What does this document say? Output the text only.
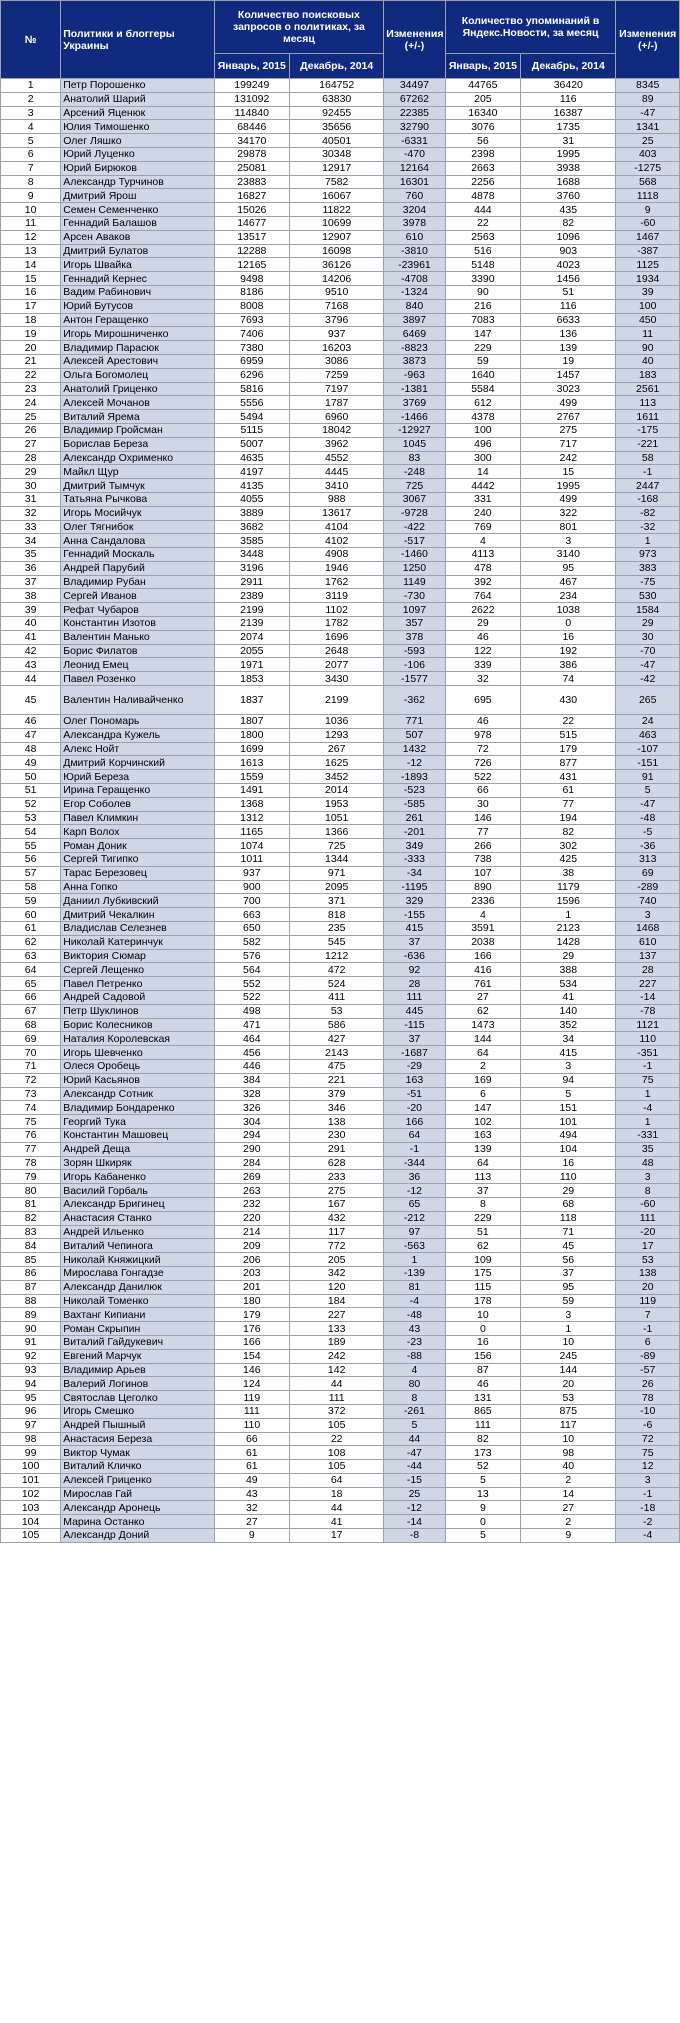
№	Политики и блоггеры Украины	Количество поисковых запросов о политиках, за месяц		Изменения (+/-)	Количество упоминаний в Яндекс.Новости, за месяц		Изменения (+/-)
		Январь, 2015	Декабрь, 2014		Январь, 2015	Декабрь, 2014	
1	Петр Порошенко	199249	164752	34497	44765	36420	8345
2	Анатолий Шарий	131092	63830	67262	205	116	89
3	Арсений Яценюк	114840	92455	22385	16340	16387	-47
4	Юлия Тимошенко	68446	35656	32790	3076	1735	1341
5	Олег Ляшко	34170	40501	-6331	56	31	25
6	Юрий Луценко	29878	30348	-470	2398	1995	403
7	Юрий Бирюков	25081	12917	12164	2663	3938	-1275
8	Александр Турчинов	23883	7582	16301	2256	1688	568
9	Дмитрий Ярош	16827	16067	760	4878	3760	1118
10	Семен Семенченко	15026	11822	3204	444	435	9
11	Геннадий Балашов	14677	10699	3978	22	82	-60
12	Арсен Аваков	13517	12907	610	2563	1096	1467
13	Дмитрий Булатов	12288	16098	-3810	516	903	-387
14	Игорь Швайка	12165	36126	-23961	5148	4023	1125
15	Геннадий Кернес	9498	14206	-4708	3390	1456	1934
16	Вадим Рабинович	8186	9510	-1324	90	51	39
17	Юрий Бутусов	8008	7168	840	216	116	100
18	Антон Геращенко	7693	3796	3897	7083	6633	450
19	Игорь Мирошниченко	7406	937	6469	147	136	11
20	Владимир Парасюк	7380	16203	-8823	229	139	90
21	Алексей Арестович	6959	3086	3873	59	19	40
22	Ольга Богомолец	6296	7259	-963	1640	1457	183
23	Анатолий Гриценко	5816	7197	-1381	5584	3023	2561
24	Алексей Мочанов	5556	1787	3769	612	499	113
25	Виталий Ярема	5494	6960	-1466	4378	2767	1611
26	Владимир Гройсман	5115	18042	-12927	100	275	-175
27	Борислав Береза	5007	3962	1045	496	717	-221
28	Александр Охрименко	4635	4552	83	300	242	58
29	Майкл Щур	4197	4445	-248	14	15	-1
30	Дмитрий Тымчук	4135	3410	725	4442	1995	2447
31	Татьяна Рычкова	4055	988	3067	331	499	-168
32	Игорь Мосийчук	3889	13617	-9728	240	322	-82
33	Олег Тягнибок	3682	4104	-422	769	801	-32
34	Анна Сандалова	3585	4102	-517	4	3	1
35	Геннадий Москаль	3448	4908	-1460	4113	3140	973
36	Андрей Парубий	3196	1946	1250	478	95	383
37	Владимир Рубан	2911	1762	1149	392	467	-75
38	Сергей Иванов	2389	3119	-730	764	234	530
39	Рефат Чубаров	2199	1102	1097	2622	1038	1584
40	Константин Изотов	2139	1782	357	29	0	29
41	Валентин Манько	2074	1696	378	46	16	30
42	Борис Филатов	2055	2648	-593	122	192	-70
43	Леонид Емец	1971	2077	-106	339	386	-47
44	Павел Розенко	1853	3430	-1577	32	74	-42
45	Валентин Наливайченко	1837	2199	-362	695	430	265
46	Олег Пономарь	1807	1036	771	46	22	24
47	Александра Кужель	1800	1293	507	978	515	463
48	Алекс Нойт	1699	267	1432	72	179	-107
49	Дмитрий Корчинский	1613	1625	-12	726	877	-151
50	Юрий Береза	1559	3452	-1893	522	431	91
51	Ирина Геращенко	1491	2014	-523	66	61	5
52	Егор Соболев	1368	1953	-585	30	77	-47
53	Павел Климкин	1312	1051	261	146	194	-48
54	Карп Волох	1165	1366	-201	77	82	-5
55	Роман Доник	1074	725	349	266	302	-36
56	Сергей Тигипко	1011	1344	-333	738	425	313
57	Тарас Березовец	937	971	-34	107	38	69
58	Анна Гопко	900	2095	-1195	890	1179	-289
59	Даниил Лубкивский	700	371	329	2336	1596	740
60	Дмитрий Чекалкин	663	818	-155	4	1	3
61	Владислав Селезнев	650	235	415	3591	2123	1468
62	Николай Катеринчук	582	545	37	2038	1428	610
63	Виктория Сюмар	576	1212	-636	166	29	137
64	Сергей Лещенко	564	472	92	416	388	28
65	Павел Петренко	552	524	28	761	534	227
66	Андрей Садовой	522	411	111	27	41	-14
67	Петр Шуклинов	498	53	445	62	140	-78
68	Борис Колесников	471	586	-115	1473	352	1121
69	Наталия Королевская	464	427	37	144	34	110
70	Игорь Шевченко	456	2143	-1687	64	415	-351
71	Олеся Оробець	446	475	-29	2	3	-1
72	Юрий Касьянов	384	221	163	169	94	75
73	Александр Сотник	328	379	-51	6	5	1
74	Владимир Бондаренко	326	346	-20	147	151	-4
75	Георгий Тука	304	138	166	102	101	1
76	Константин Машовец	294	230	64	163	494	-331
77	Андрей Деща	290	291	-1	139	104	35
78	Зорян Шкиряк	284	628	-344	64	16	48
79	Игорь Кабаненко	269	233	36	113	110	3
80	Василий Горбаль	263	275	-12	37	29	8
81	Александр Бригинец	232	167	65	8	68	-60
82	Анастасия Станко	220	432	-212	229	118	111
83	Андрей Ильенко	214	117	97	51	71	-20
84	Виталий Чепинога	209	772	-563	62	45	17
85	Николай Княжицкий	206	205	1	109	56	53
86	Мирослава Гонгадзе	203	342	-139	175	37	138
87	Александр Данилюк	201	120	81	115	95	20
88	Николай Томенко	180	184	-4	178	59	119
89	Вахтанг Кипиани	179	227	-48	10	3	7
90	Роман Скрыпин	176	133	43	0	1	-1
91	Виталий Гайдукевич	166	189	-23	16	10	6
92	Евгений Марчук	154	242	-88	156	245	-89
93	Владимир Арьев	146	142	4	87	144	-57
94	Валерий Логинов	124	44	80	46	20	26
95	Святослав Цеголко	119	111	8	131	53	78
96	Игорь Смешко	111	372	-261	865	875	-10
97	Андрей Пышный	110	105	5	111	117	-6
98	Анастасия Береза	66	22	44	82	10	72
99	Виктор Чумак	61	108	-47	173	98	75
100	Виталий Кличко	61	105	-44	52	40	12
101	Алексей Гриценко	49	64	-15	5	2	3
102	Мирослав Гай	43	18	25	13	14	-1
103	Александр Аронець	32	44	-12	9	27	-18
104	Марина Останко	27	41	-14	0	2	-2
105	Александр Доний	9	17	-8	5	9	-4
